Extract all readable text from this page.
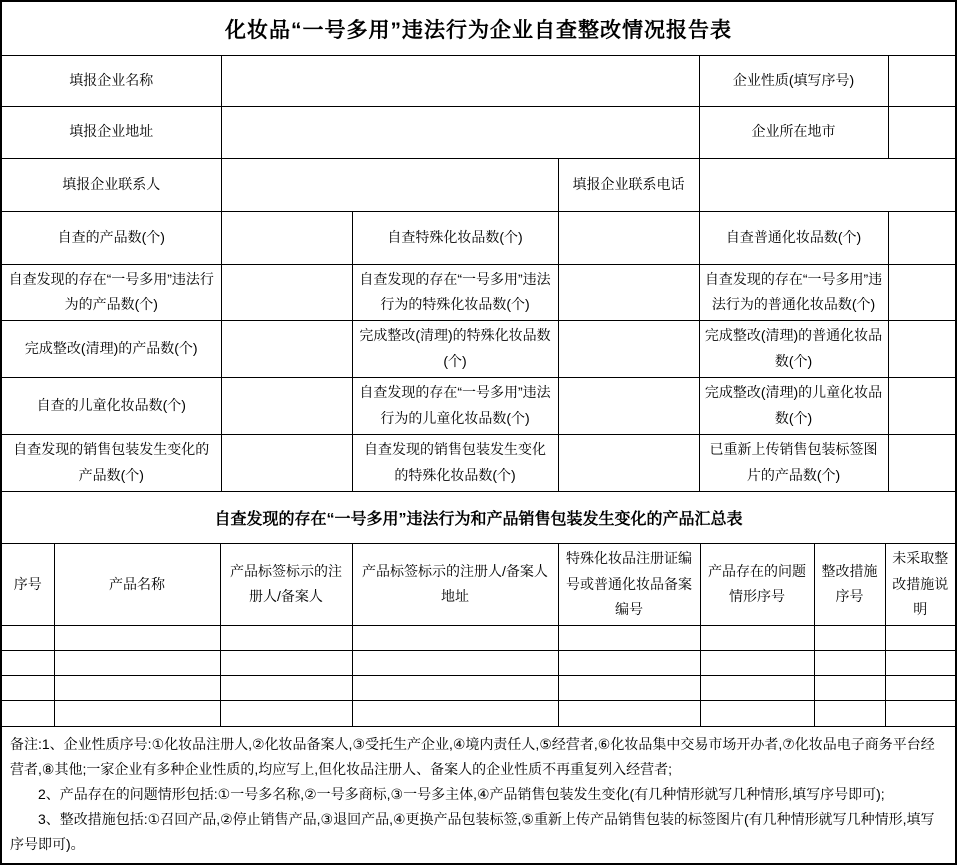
化妆品“一号多用”违法行为企业自查整改情况报告表
填报企业名称				企业性质(填写序号)	
填报企业地址				企业所在地市	
填报企业联系人			填报企业联系电话		
自查的产品数(个)		自查特殊化妆品数(个)		自查普通化妆品数(个)	
自查发现的存在“一号多用”违法行为的产品数(个)		自查发现的存在“一号多用”违法行为的特殊化妆品数(个)		自查发现的存在“一号多用”违法行为的普通化妆品数(个)	
完成整改(清理)的产品数(个)		完成整改(清理)的特殊化妆品数(个)		完成整改(清理)的普通化妆品数(个)	
自查的儿童化妆品数(个)		自查发现的存在“一号多用”违法行为的儿童化妆品数(个)		完成整改(清理)的儿童化妆品数(个)	
自查发现的销售包装发生变化的产品数(个)		自查发现的销售包装发生变化的特殊化妆品数(个)		已重新上传销售包装标签图片的产品数(个)	
自查发现的存在“一号多用”违法行为和产品销售包装发生变化的产品汇总表
序号	产品名称	产品标签标示的注册人/备案人	产品标签标示的注册人/备案人地址	特殊化妆品注册证编号或普通化妆品备案编号	产品存在的问题情形序号	整改措施序号	未采取整改措施说明

备注:1、企业性质序号:①化妆品注册人,②化妆品备案人,③受托生产企业,④境内责任人,⑤经营者,⑥化妆品集中交易市场开办者,⑦化妆品电子商务平台经营者,⑧其他;一家企业有多种企业性质的,均应写上,但化妆品注册人、备案人的企业性质不再重复列入经营者;
2、产品存在的问题情形包括:①一号多名称,②一号多商标,③一号多主体,④产品销售包装发生变化(有几种情形就写几种情形,填写序号即可);
3、整改措施包括:①召回产品,②停止销售产品,③退回产品,④更换产品包装标签,⑤重新上传产品销售包装的标签图片(有几种情形就写几种情形,填写序号即可)。
